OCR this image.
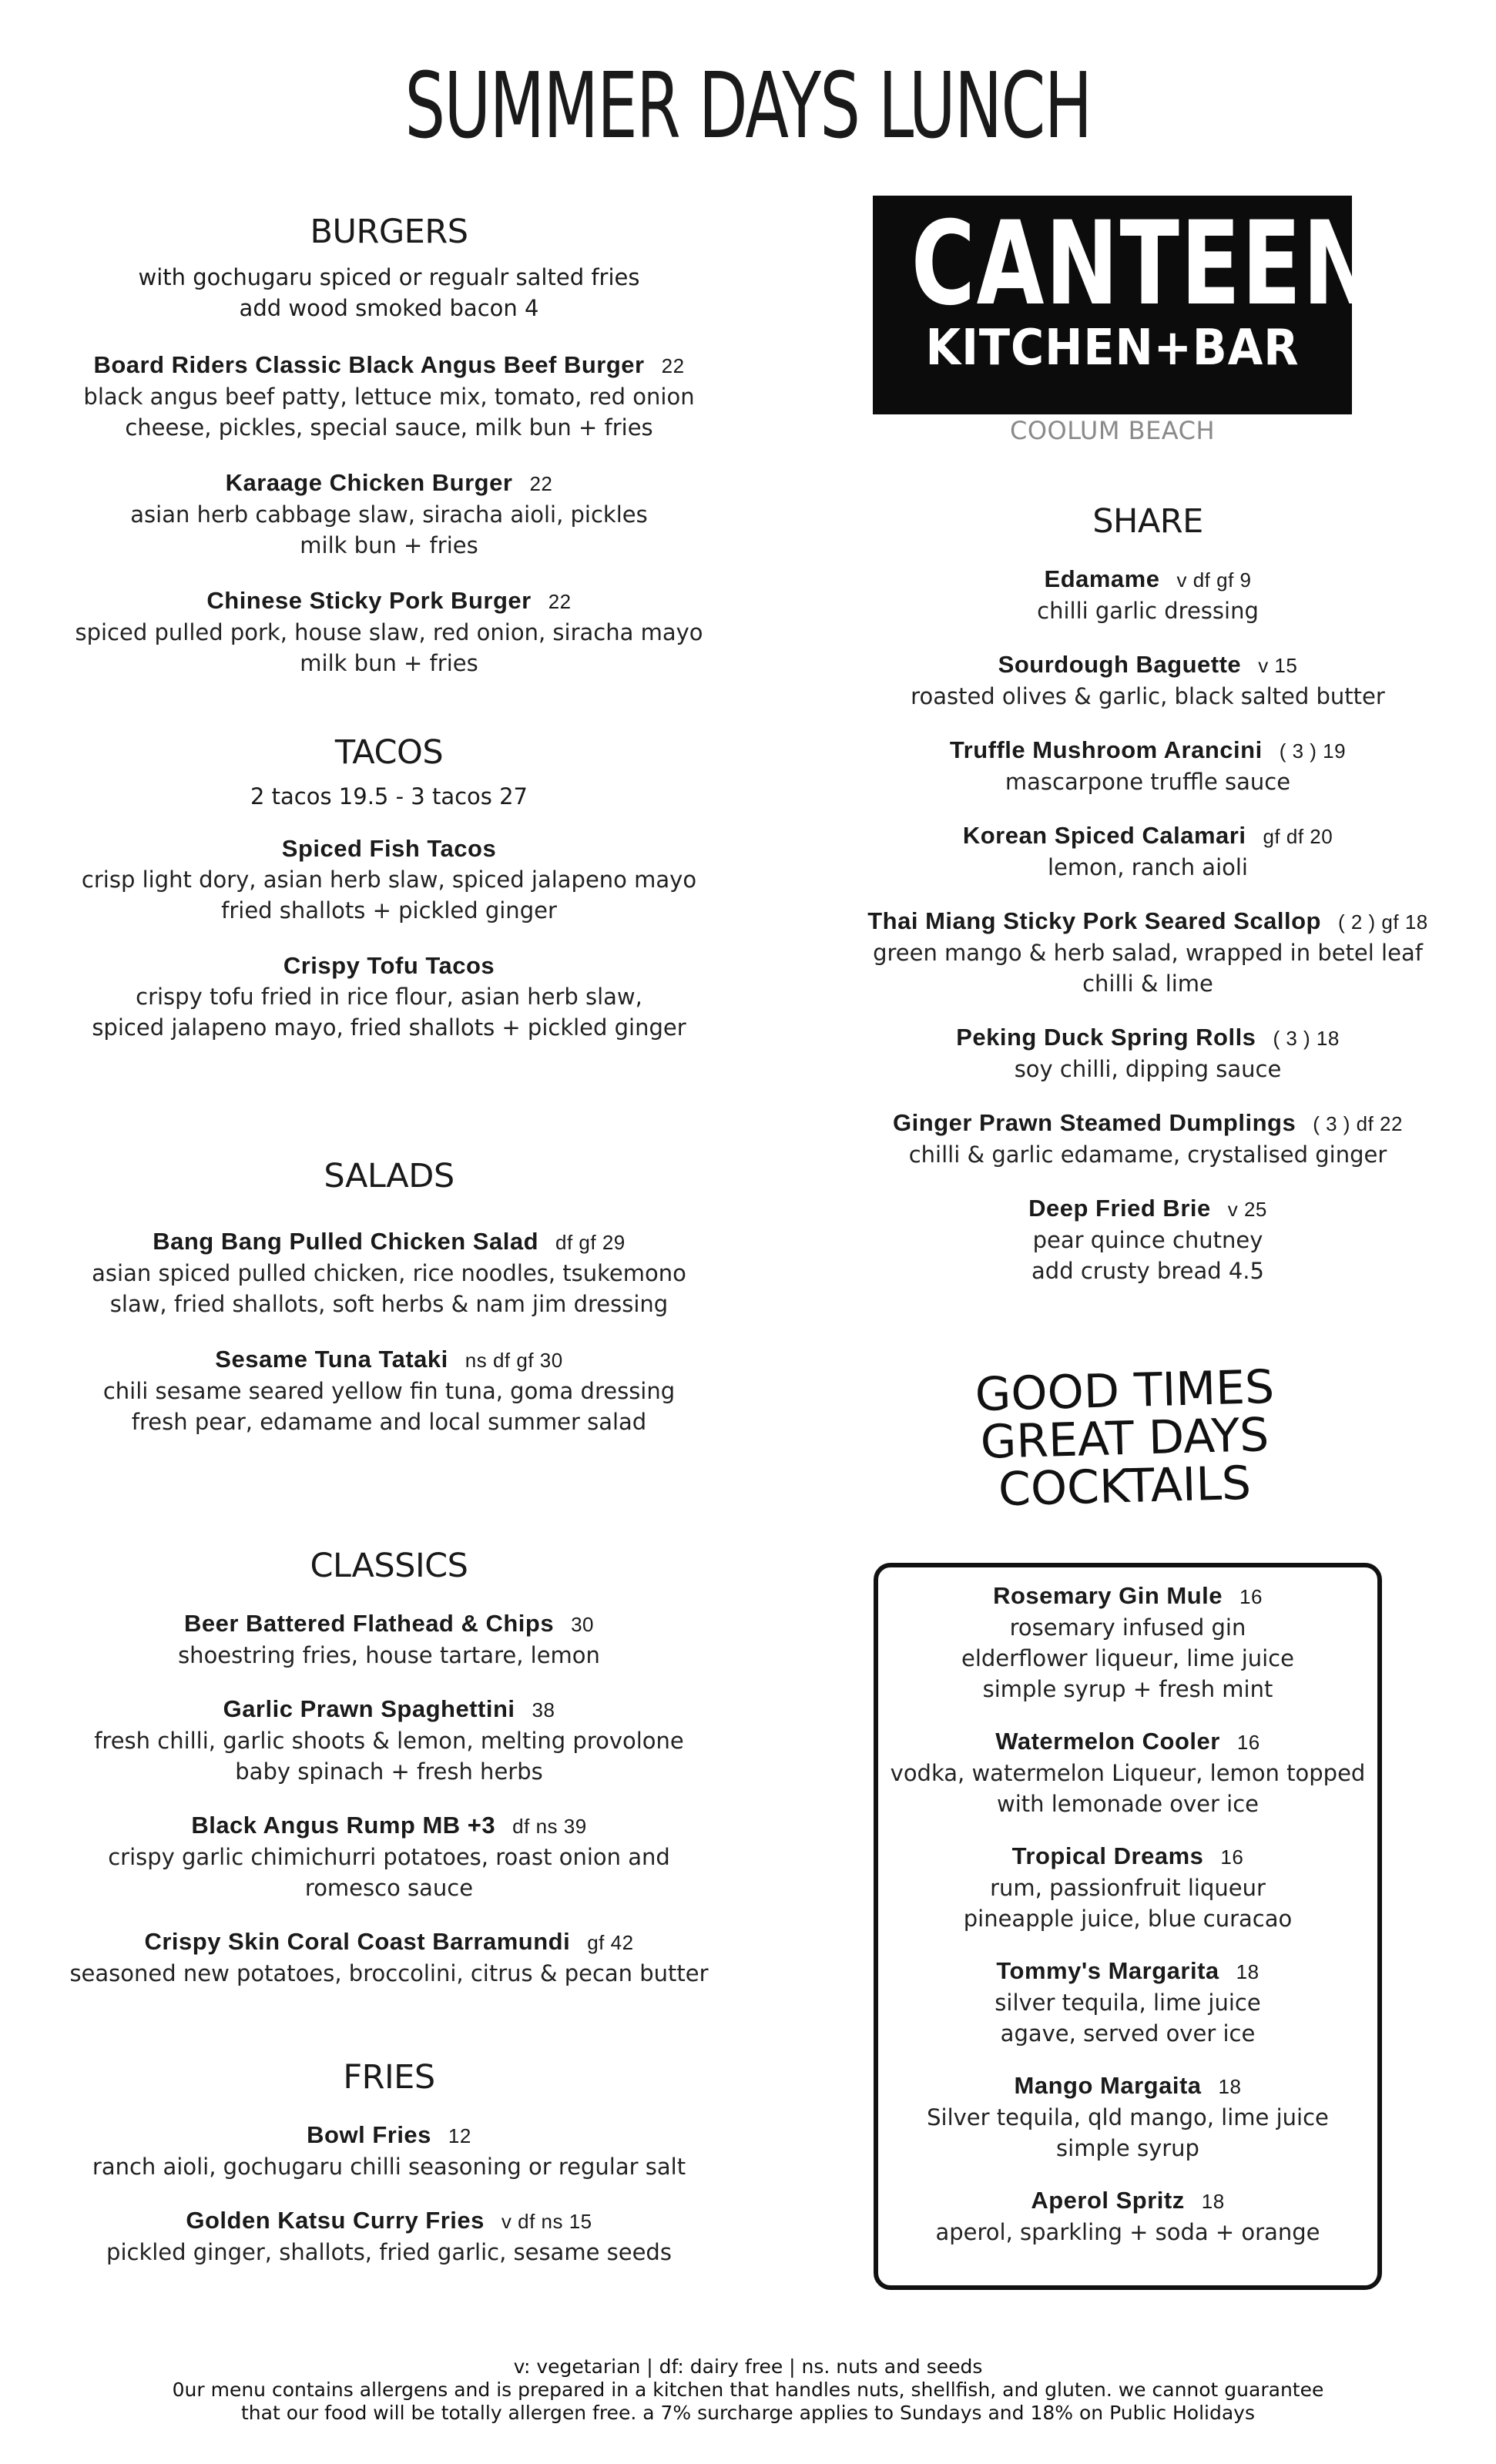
SUMMER DAYS LUNCH
BURGERS

with gochugaru spiced or regualr salted fries

add wood smoked bacon 4

Board Riders Classic Black Angus Beef Burger 22
black angus beef patty, lettuce mix, tomato, red onion
cheese, pickles, special sauce, milk bun + fries
Karaage Chicken Burger 22
asian herb cabbage slaw, siracha aioli, pickles
milk bun + fries
Chinese Sticky Pork Burger 22
spiced pulled pork, house slaw, red onion, siracha mayo
milk bun + fries
TACOS

2 tacos 19.5 - 3 tacos 27

Spiced Fish Tacos
crisp light dory, asian herb slaw, spiced jalapeno mayo
fried shallots + pickled ginger
Crispy Tofu Tacos
crispy tofu fried in rice flour, asian herb slaw,
spiced jalapeno mayo, fried shallots + pickled ginger
SALADS
Bang Bang Pulled Chicken Salad df gf 29
asian spiced pulled chicken, rice noodles, tsukemono
slaw, fried shallots, soft herbs & nam jim dressing
Sesame Tuna Tataki ns df gf 30
chili sesame seared yellow fin tuna, goma dressing
fresh pear, edamame and local summer salad
CLASSICS
Beer Battered Flathead & Chips 30
shoestring fries, house tartare, lemon
Garlic Prawn Spaghettini 38
fresh chilli, garlic shoots & lemon, melting provolone
baby spinach + fresh herbs
Black Angus Rump MB +3 df ns 39
crispy garlic chimichurri potatoes, roast onion and
romesco sauce
Crispy Skin Coral Coast Barramundi gf 42
seasoned new potatoes, broccolini, citrus & pecan butter
FRIES
Bowl Fries 12
ranch aioli, gochugaru chilli seasoning or regular salt
Golden Katsu Curry Fries v df ns 15
pickled ginger, shallots, fried garlic, sesame seeds
CANTEEN
KITCHEN+BAR
COOLUM BEACH
SHARE
Edamame v df gf 9
chilli garlic dressing
Sourdough Baguette v 15
roasted olives & garlic, black salted butter
Truffle Mushroom Arancini ( 3 ) 19
mascarpone truffle sauce
Korean Spiced Calamari gf df 20
lemon, ranch aioli
Thai Miang Sticky Pork Seared Scallop ( 2 ) gf 18
green mango & herb salad, wrapped in betel leaf
chilli & lime
Peking Duck Spring Rolls ( 3 ) 18
soy chilli, dipping sauce
Ginger Prawn Steamed Dumplings ( 3 ) df 22
chilli & garlic edamame, crystalised ginger
Deep Fried Brie v 25
pear quince chutney
add crusty bread 4.5
GOOD TIMES
GREAT DAYS
COCKTAILS
Rosemary Gin Mule 16
rosemary infused gin
elderflower liqueur, lime juice
simple syrup + fresh mint
Watermelon Cooler 16
vodka, watermelon Liqueur, lemon topped
with lemonade over ice
Tropical Dreams 16
rum, passionfruit liqueur
pineapple juice, blue curacao
Tommy's Margarita 18
silver tequila, lime juice
agave, served over ice
Mango Margaita 18
Silver tequila, qld mango, lime juice
simple syrup
Aperol Spritz 18
aperol, sparkling + soda + orange
v: vegetarian | df: dairy free | ns. nuts and seeds
0ur menu contains allergens and is prepared in a kitchen that handles nuts, shellfish, and gluten. we cannot guarantee
that our food will be totally allergen free. a 7% surcharge applies to Sundays and 18% on Public Holidays
